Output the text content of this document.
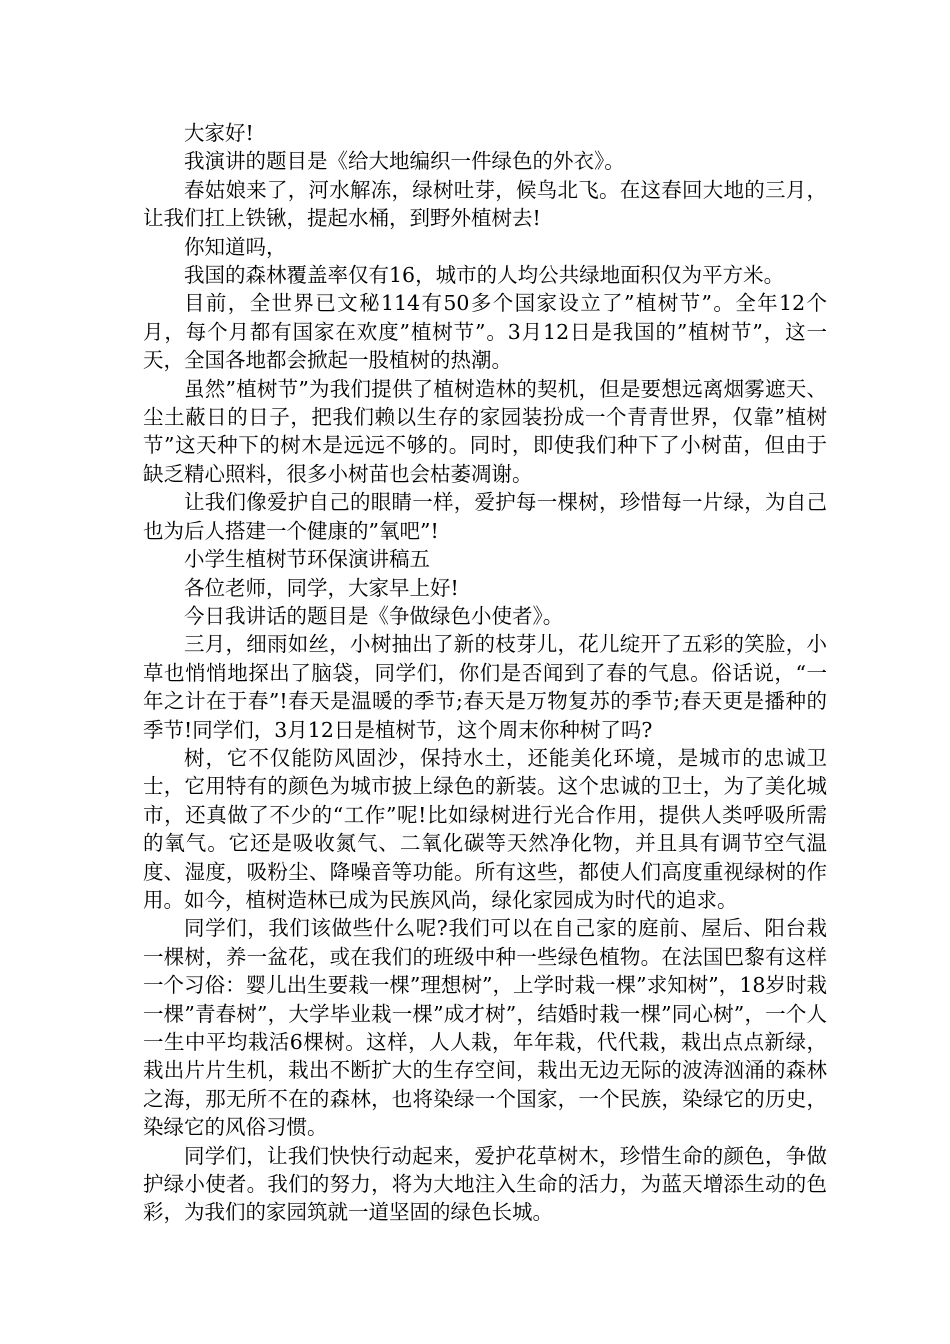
大家好!

我演讲的题目是《给大地编织一件绿色的外衣》。

春姑娘来了，河水解冻，绿树吐芽，候鸟北飞。在这春回大地的三月，让我们扛上铁锹，提起水桶，到野外植树去!

你知道吗，

我国的森林覆盖率仅有16，城市的人均公共绿地面积仅为平方米。

目前，全世界已文秘114有50多个国家设立了”植树节”。全年12个月，每个月都有国家在欢度”植树节”。3月12日是我国的”植树节”，这一天，全国各地都会掀起一股植树的热潮。

虽然”植树节”为我们提供了植树造林的契机，但是要想远离烟雾遮天、尘土蔽日的日子，把我们赖以生存的家园装扮成一个青青世界，仅靠”植树节”这天种下的树木是远远不够的。同时，即使我们种下了小树苗，但由于缺乏精心照料，很多小树苗也会枯萎凋谢。

让我们像爱护自己的眼睛一样，爱护每一棵树，珍惜每一片绿，为自己也为后人搭建一个健康的”氧吧”!

小学生植树节环保演讲稿五

各位老师，同学，大家早上好!

今日我讲话的题目是《争做绿色小使者》。

三月，细雨如丝，小树抽出了新的枝芽儿，花儿绽开了五彩的笑脸，小草也悄悄地探出了脑袋，同学们，你们是否闻到了春的气息。俗话说，“一年之计在于春”!春天是温暖的季节;春天是万物复苏的季节;春天更是播种的季节!同学们，3月12日是植树节，这个周末你种树了吗?

树，它不仅能防风固沙，保持水土，还能美化环境，是城市的忠诚卫士，它用特有的颜色为城市披上绿色的新装。这个忠诚的卫士，为了美化城市，还真做了不少的“工作”呢!比如绿树进行光合作用，提供人类呼吸所需的氧气。它还是吸收氮气、二氧化碳等天然净化物，并且具有调节空气温度、湿度，吸粉尘、降噪音等功能。所有这些，都使人们高度重视绿树的作用。如今，植树造林已成为民族风尚，绿化家园成为时代的追求。

同学们，我们该做些什么呢?我们可以在自己家的庭前、屋后、阳台栽一棵树，养一盆花，或在我们的班级中种一些绿色植物。在法国巴黎有这样一个习俗：婴儿出生要栽一棵”理想树”，上学时栽一棵”求知树”，18岁时栽一棵”青春树”，大学毕业栽一棵”成才树”，结婚时栽一棵”同心树”，一个人一生中平均栽活6棵树。这样，人人栽，年年栽，代代栽，栽出点点新绿，栽出片片生机，栽出不断扩大的生存空间，栽出无边无际的波涛汹涌的森林之海，那无所不在的森林，也将染绿一个国家，一个民族，染绿它的历史，染绿它的风俗习惯。

同学们，让我们快快行动起来，爱护花草树木，珍惜生命的颜色，争做护绿小使者。我们的努力，将为大地注入生命的活力，为蓝天增添生动的色彩，为我们的家园筑就一道坚固的绿色长城。
